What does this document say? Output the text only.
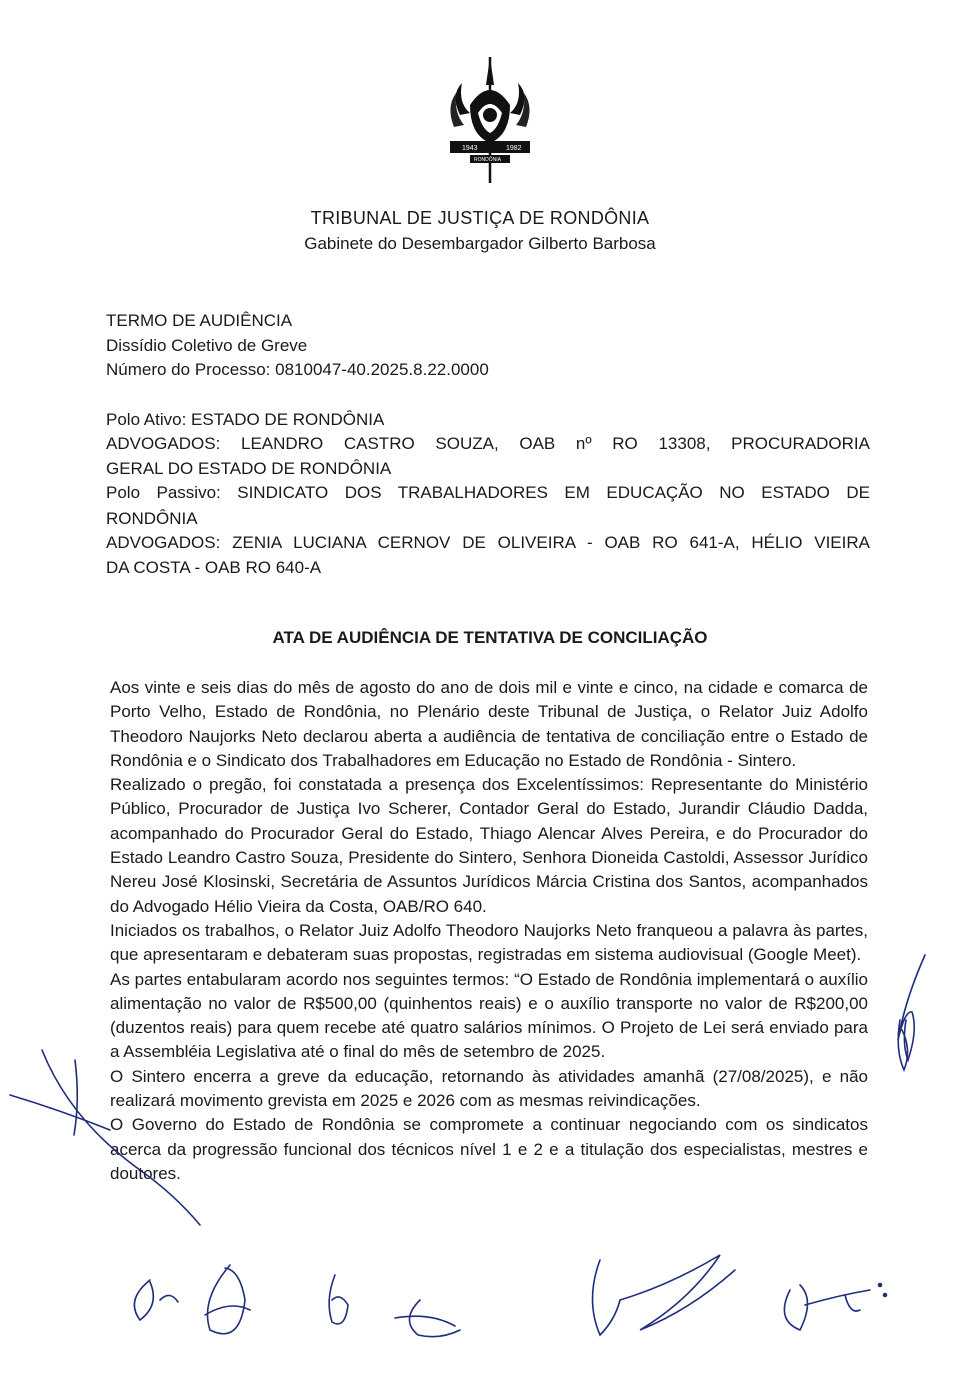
1943	1982
RONDÔNIA
TRIBUNAL DE JUSTIÇA DE RONDÔNIA
Gabinete do Desembargador Gilberto Barbosa
TERMO DE AUDIÊNCIA
Dissídio Coletivo de Greve
Número do Processo: 0810047-40.2025.8.22.0000
Polo Ativo: ESTADO DE RONDÔNIA
ADVOGADOS: LEANDRO CASTRO SOUZA, OAB nº RO 13308, PROCURADORIA
GERAL DO ESTADO DE RONDÔNIA
Polo Passivo: SINDICATO DOS TRABALHADORES EM EDUCAÇÃO NO ESTADO DE
RONDÔNIA
ADVOGADOS: ZENIA LUCIANA CERNOV DE OLIVEIRA - OAB RO 641-A, HÉLIO VIEIRA
DA COSTA - OAB RO 640-A
ATA DE AUDIÊNCIA DE TENTATIVA DE CONCILIAÇÃO

Aos vinte e seis dias do mês de agosto do ano de dois mil e vinte e cinco, na cidade e comarca de Porto Velho, Estado de Rondônia, no Plenário deste Tribunal de Justiça, o Relator Juiz Adolfo Theodoro Naujorks Neto declarou aberta a audiência de tentativa de conciliação entre o Estado de Rondônia e o Sindicato dos Trabalhadores em Educação no Estado de Rondônia - Sintero.

Realizado o pregão, foi constatada a presença dos Excelentíssimos: Representante do Ministério Público, Procurador de Justiça Ivo Scherer, Contador Geral do Estado, Jurandir Cláudio Dadda, acompanhado do Procurador Geral do Estado, Thiago Alencar Alves Pereira, e do Procurador do Estado Leandro Castro Souza, Presidente do Sintero, Senhora Dioneida Castoldi, Assessor Jurídico Nereu José Klosinski, Secretária de Assuntos Jurídicos Márcia Cristina dos Santos, acompanhados do Advogado Hélio Vieira da Costa, OAB/RO 640.

Iniciados os trabalhos, o Relator Juiz Adolfo Theodoro Naujorks Neto franqueou a palavra às partes, que apresentaram e debateram suas propostas, registradas em sistema audiovisual (Google Meet).

As partes entabularam acordo nos seguintes termos: “O Estado de Rondônia implementará o auxílio alimentação no valor de R$500,00 (quinhentos reais) e o auxílio transporte no valor de R$200,00 (duzentos reais) para quem recebe até quatro salários mínimos. O Projeto de Lei será enviado para a Assembléia Legislativa até o final do mês de setembro de 2025.

O Sintero encerra a greve da educação, retornando às atividades amanhã (27/08/2025), e não realizará movimento grevista em 2025 e 2026 com as mesmas reivindicações.

O Governo do Estado de Rondônia se compromete a continuar negociando com os sindicatos acerca da progressão funcional dos técnicos nível 1 e 2 e a titulação dos especialistas, mestres e doutores.
